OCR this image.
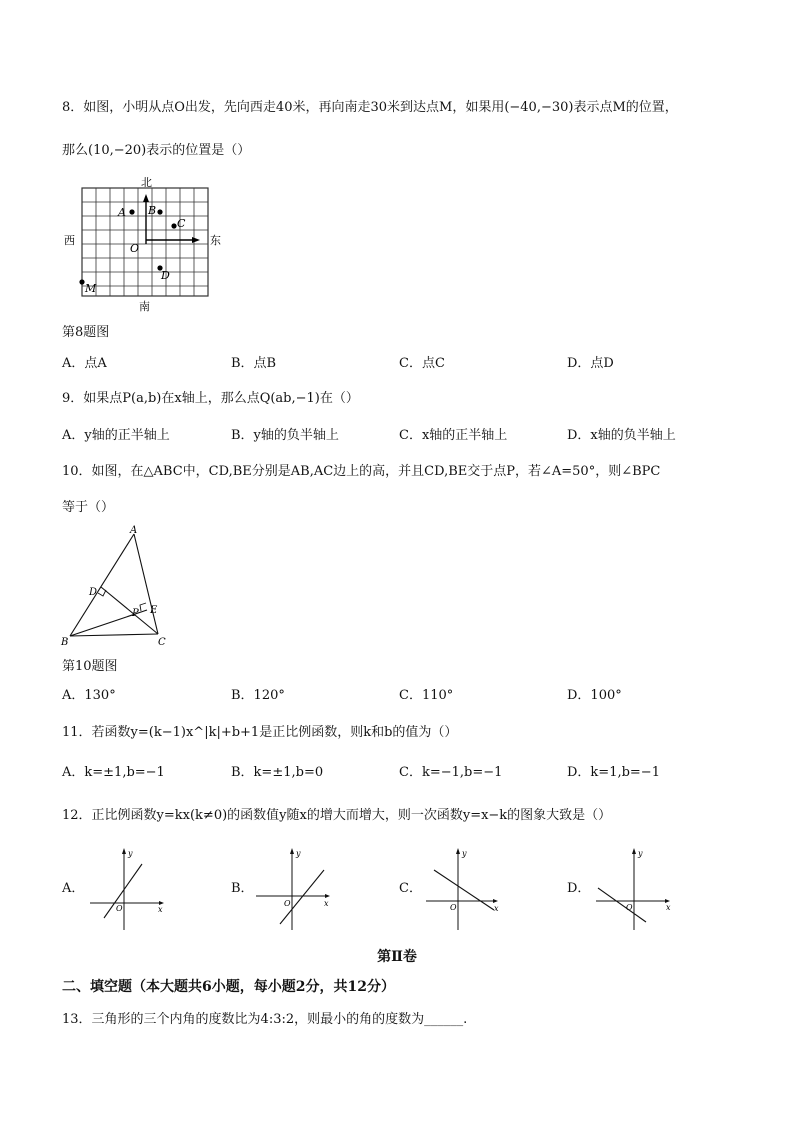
8．如图，小明从点O出发，先向西走40米，再向南走30米到达点M，如果用(−40,−30)表示点M的位置，
那么(10,−20)表示的位置是（）
北
南
西	东
A B
C
D
O
M
第8题图
A．点A	B．点B	C．点C	D．点D
9．如果点P(a,b)在x轴上，那么点Q(ab,−1)在（）
A．y轴的正半轴上	B．y轴的负半轴上	C．x轴的正半轴上	D．x轴的负半轴上
10．如图，在△ABC中，CD,BE分别是AB,AC边上的高，并且CD,BE交于点P，若∠A=50°，则∠BPC
等于（）
A
B	C
D
E
P
第10题图
A．130°	B．120°	C．110°	D．100°
11．若函数y=(k−1)x^|k|+b+1是正比例函数，则k和b的值为（）
A．k=±1,b=−1	B．k=±1,b=0	C．k=−1,b=−1	D．k=1,b=−1
12．正比例函数y=kx(k≠0)的函数值y随x的增大而增大，则一次函数y=x−k的图象大致是（）
A．
y
x
O
B．
y
x
O
C．
y
x
O
D．
y
x
O
第Ⅱ卷
二、填空题（本大题共6小题，每小题2分，共12分）
13．三角形的三个内角的度数比为4:3:2，则最小的角的度数为______.
